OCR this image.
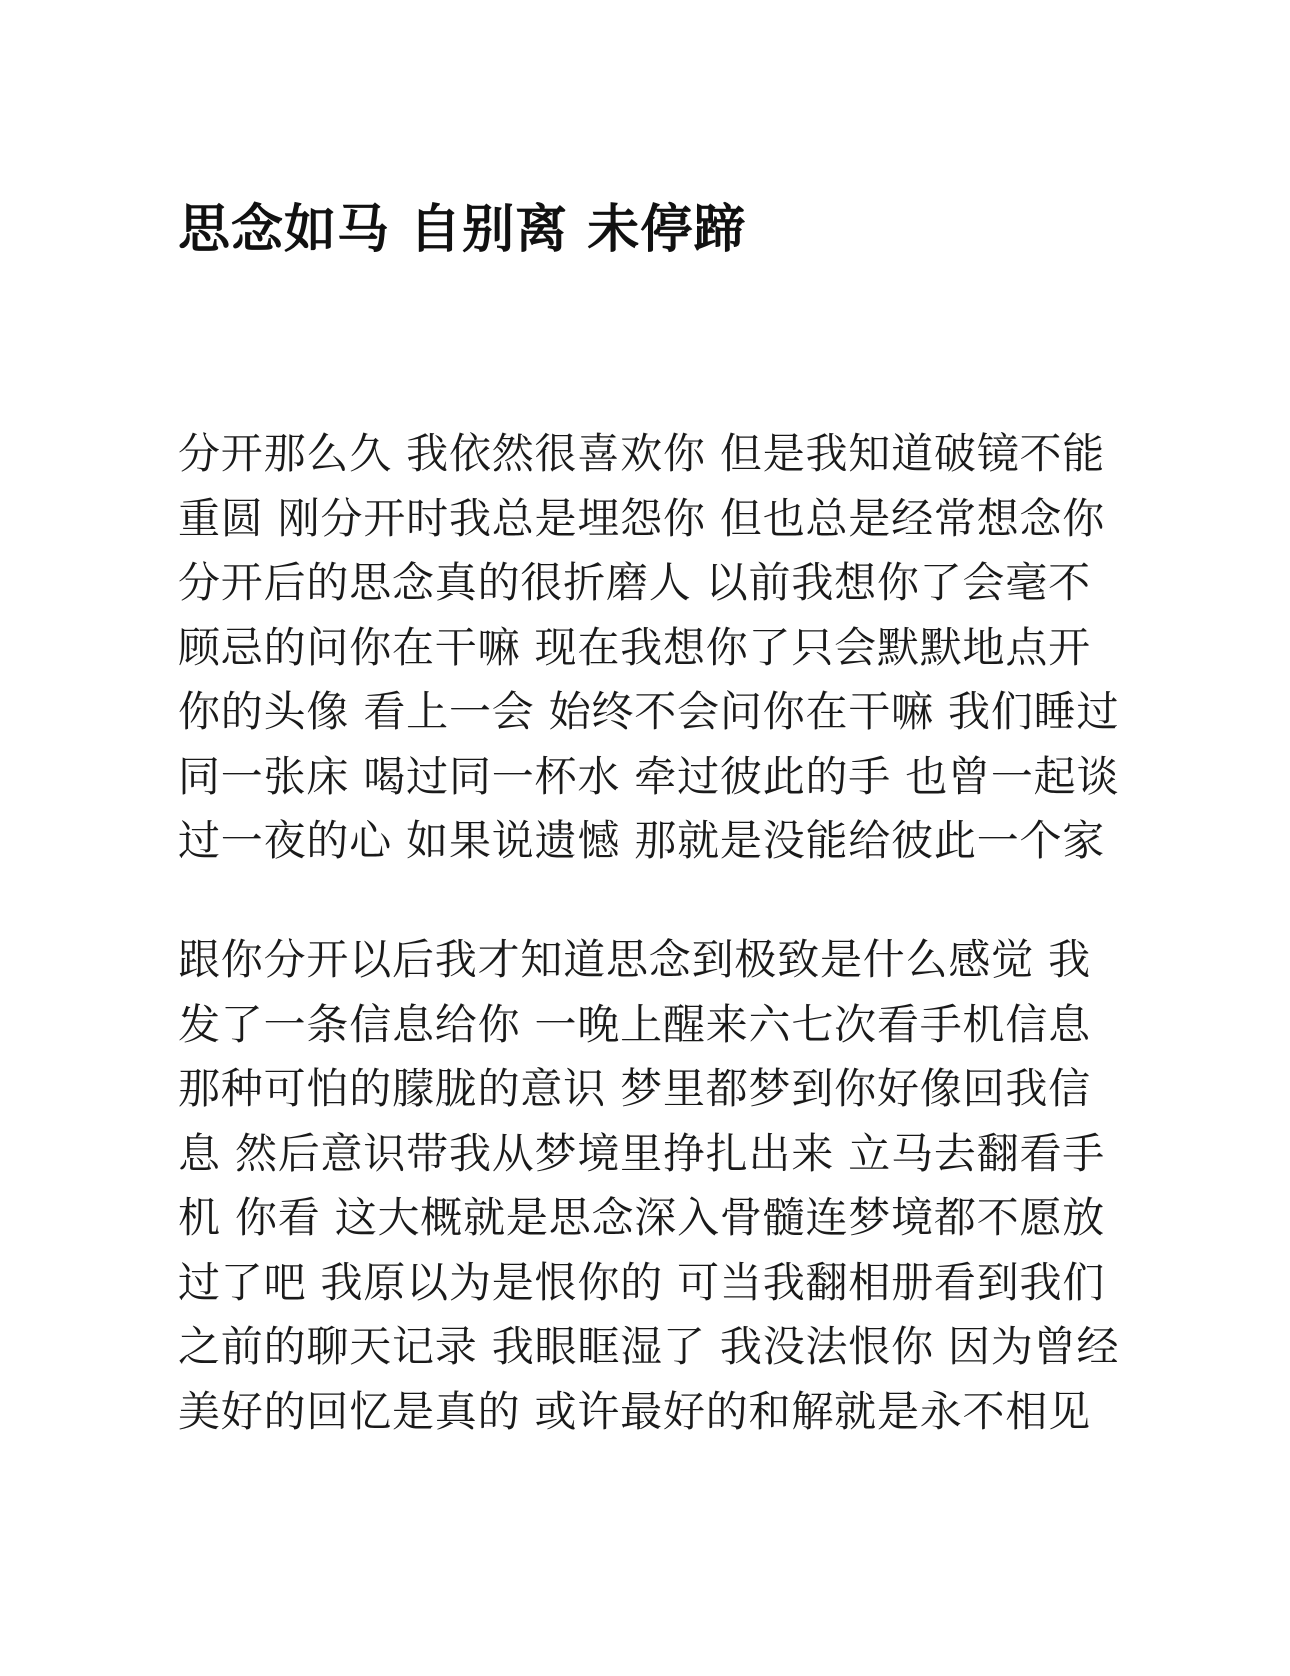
思念如马 自别离 未停蹄
分开那么久 我依然很喜欢你 但是我知道破镜不能
重圆 刚分开时我总是埋怨你 但也总是经常想念你
分开后的思念真的很折磨人 以前我想你了会毫不
顾忌的问你在干嘛 现在我想你了只会默默地点开
你的头像 看上一会 始终不会问你在干嘛 我们睡过
同一张床 喝过同一杯水 牵过彼此的手 也曾一起谈
过一夜的心 如果说遗憾 那就是没能给彼此一个家
跟你分开以后我才知道思念到极致是什么感觉 我
发了一条信息给你 一晚上醒来六七次看手机信息
那种可怕的朦胧的意识 梦里都梦到你好像回我信
息 然后意识带我从梦境里挣扎出来 立马去翻看手
机 你看 这大概就是思念深入骨髓连梦境都不愿放
过了吧 我原以为是恨你的 可当我翻相册看到我们
之前的聊天记录 我眼眶湿了 我没法恨你 因为曾经
美好的回忆是真的 或许最好的和解就是永不相见
